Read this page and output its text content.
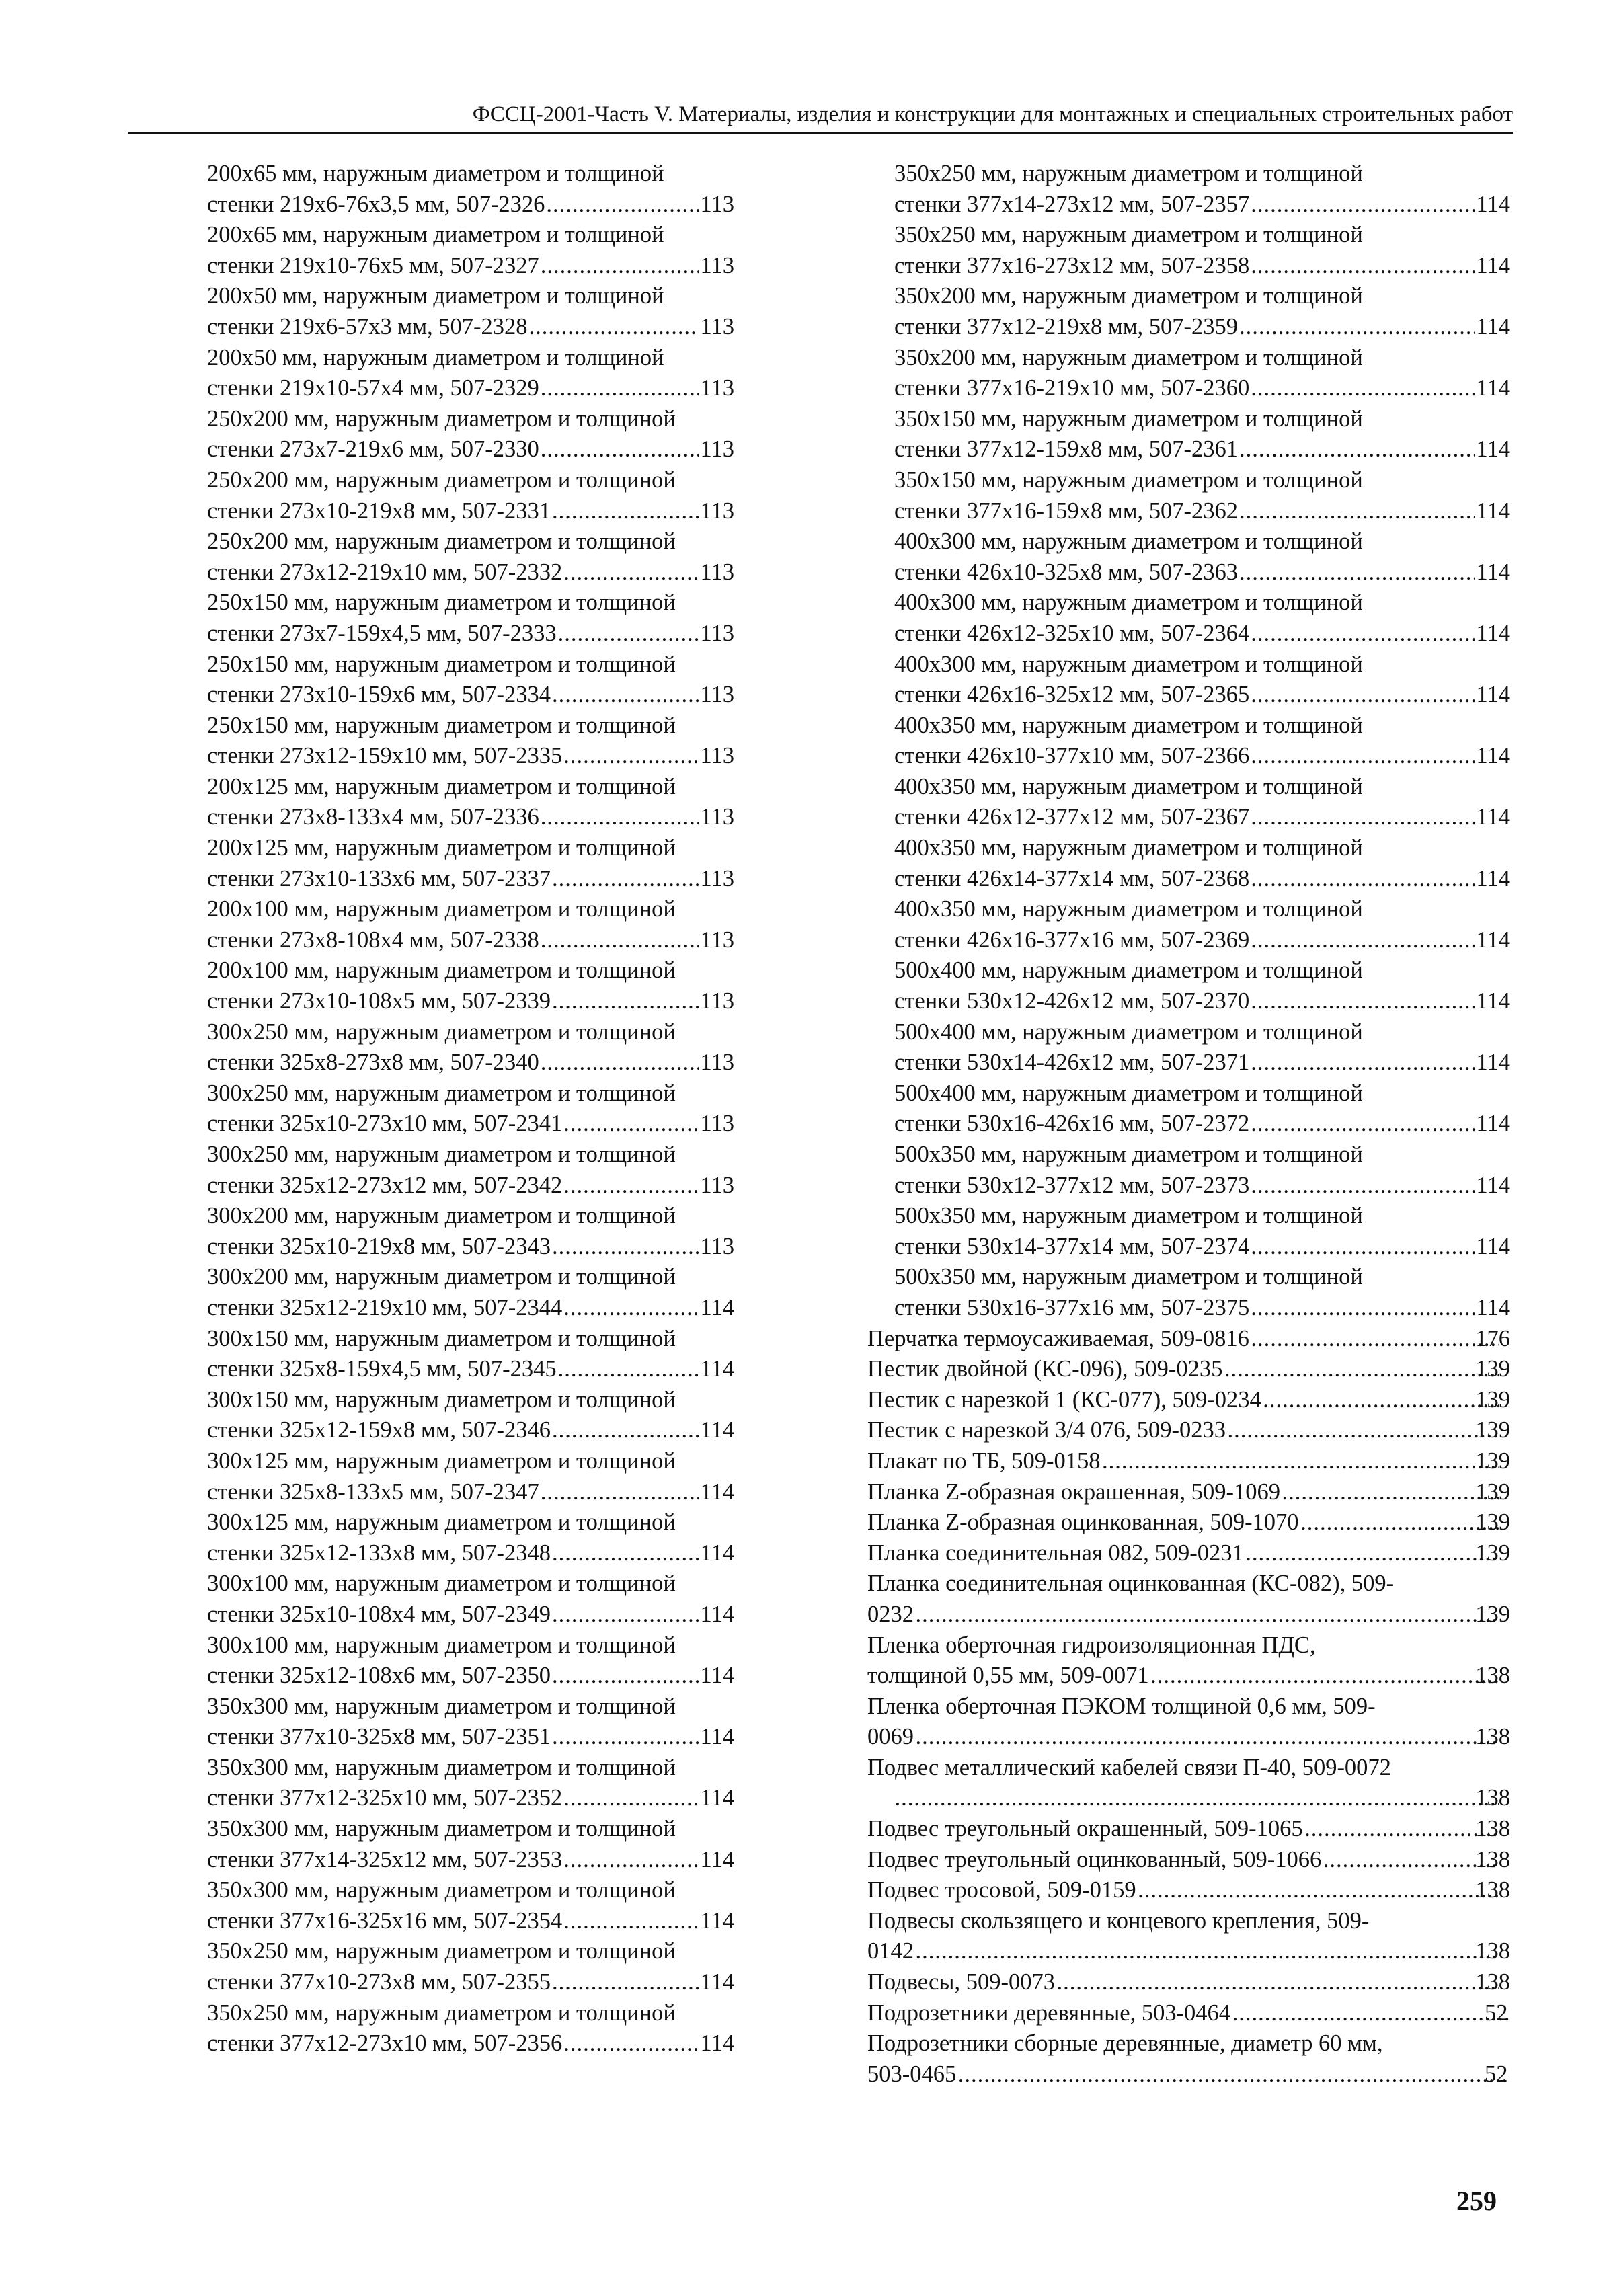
ФССЦ-2001-Часть V. Материалы, изделия и конструкции для монтажных и специальных строительных работ
200x65 мм, наружным диаметром и толщиной
стенки 219x6-76x3,5 мм, 507-2326 .....	113
200x65 мм, наружным диаметром и толщиной
стенки 219x10-76x5 мм, 507-2327 .....	113
200x50 мм, наружным диаметром и толщиной
стенки 219x6-57x3 мм, 507-2328 .....	113
200x50 мм, наружным диаметром и толщиной
стенки 219x10-57x4 мм, 507-2329 .....	113
250x200 мм, наружным диаметром и толщиной
стенки 273x7-219x6 мм, 507-2330 .....	113
250x200 мм, наружным диаметром и толщиной
стенки 273x10-219x8 мм, 507-2331 .....	113
250x200 мм, наружным диаметром и толщиной
стенки 273x12-219x10 мм, 507-2332 .....	113
250x150 мм, наружным диаметром и толщиной
стенки 273x7-159x4,5 мм, 507-2333 .....	113
250x150 мм, наружным диаметром и толщиной
стенки 273x10-159x6 мм, 507-2334 .....	113
250x150 мм, наружным диаметром и толщиной
стенки 273x12-159x10 мм, 507-2335 .....	113
200x125 мм, наружным диаметром и толщиной
стенки 273x8-133x4 мм, 507-2336 .....	113
200x125 мм, наружным диаметром и толщиной
стенки 273x10-133x6 мм, 507-2337 .....	113
200x100 мм, наружным диаметром и толщиной
стенки 273x8-108x4 мм, 507-2338 .....	113
200x100 мм, наружным диаметром и толщиной
стенки 273x10-108x5 мм, 507-2339 .....	113
300x250 мм, наружным диаметром и толщиной
стенки 325x8-273x8 мм, 507-2340 .....	113
300x250 мм, наружным диаметром и толщиной
стенки 325x10-273x10 мм, 507-2341 .....	113
300x250 мм, наружным диаметром и толщиной
стенки 325x12-273x12 мм, 507-2342 .....	113
300x200 мм, наружным диаметром и толщиной
стенки 325x10-219x8 мм, 507-2343 .....	113
300x200 мм, наружным диаметром и толщиной
стенки 325x12-219x10 мм, 507-2344 .....	114
300x150 мм, наружным диаметром и толщиной
стенки 325x8-159x4,5 мм, 507-2345 .....	114
300x150 мм, наружным диаметром и толщиной
стенки 325x12-159x8 мм, 507-2346 .....	114
300x125 мм, наружным диаметром и толщиной
стенки 325x8-133x5 мм, 507-2347 .....	114
300x125 мм, наружным диаметром и толщиной
стенки 325x12-133x8 мм, 507-2348 .....	114
300x100 мм, наружным диаметром и толщиной
стенки 325x10-108x4 мм, 507-2349 .....	114
300x100 мм, наружным диаметром и толщиной
стенки 325x12-108x6 мм, 507-2350 .....	114
350x300 мм, наружным диаметром и толщиной
стенки 377x10-325x8 мм, 507-2351 .....	114
350x300 мм, наружным диаметром и толщиной
стенки 377x12-325x10 мм, 507-2352 .....	114
350x300 мм, наружным диаметром и толщиной
стенки 377x14-325x12 мм, 507-2353 .....	114
350x300 мм, наружным диаметром и толщиной
стенки 377x16-325x16 мм, 507-2354 .....	114
350x250 мм, наружным диаметром и толщиной
стенки 377x10-273x8 мм, 507-2355 .....	114
350x250 мм, наружным диаметром и толщиной
стенки 377x12-273x10 мм, 507-2356 .....	114
350x250 мм, наружным диаметром и толщиной
стенки 377x14-273x12 мм, 507-2357 .....	114
350x250 мм, наружным диаметром и толщиной
стенки 377x16-273x12 мм, 507-2358 .....	114
350x200 мм, наружным диаметром и толщиной
стенки 377x12-219x8 мм, 507-2359 .....	114
350x200 мм, наружным диаметром и толщиной
стенки 377x16-219x10 мм, 507-2360 .....	114
350x150 мм, наружным диаметром и толщиной
стенки 377x12-159x8 мм, 507-2361 .....	114
350x150 мм, наружным диаметром и толщиной
стенки 377x16-159x8 мм, 507-2362 .....	114
400x300 мм, наружным диаметром и толщиной
стенки 426x10-325x8 мм, 507-2363 .....	114
400x300 мм, наружным диаметром и толщиной
стенки 426x12-325x10 мм, 507-2364 .....	114
400x300 мм, наружным диаметром и толщиной
стенки 426x16-325x12 мм, 507-2365 .....	114
400x350 мм, наружным диаметром и толщиной
стенки 426x10-377x10 мм, 507-2366 .....	114
400x350 мм, наружным диаметром и толщиной
стенки 426x12-377x12 мм, 507-2367 .....	114
400x350 мм, наружным диаметром и толщиной
стенки 426x14-377x14 мм, 507-2368 .....	114
400x350 мм, наружным диаметром и толщиной
стенки 426x16-377x16 мм, 507-2369 .....	114
500x400 мм, наружным диаметром и толщиной
стенки 530x12-426x12 мм, 507-2370 .....	114
500x400 мм, наружным диаметром и толщиной
стенки 530x14-426x12 мм, 507-2371 .....	114
500x400 мм, наружным диаметром и толщиной
стенки 530x16-426x16 мм, 507-2372 .....	114
500x350 мм, наружным диаметром и толщиной
стенки 530x12-377x12 мм, 507-2373 .....	114
500x350 мм, наружным диаметром и толщиной
стенки 530x14-377x14 мм, 507-2374 .....	114
500x350 мм, наружным диаметром и толщиной
стенки 530x16-377x16 мм, 507-2375 .....	114
Перчатка термоусаживаемая, 509-0816 .....	176
Пестик двойной (КС-096), 509-0235 .....	139
Пестик с нарезкой 1 (КС-077), 509-0234 .....	139
Пестик с нарезкой 3/4 076, 509-0233 .....	139
Плакат по ТБ, 509-0158 .....	139
Планка Z-образная окрашенная, 509-1069 .....	139
Планка Z-образная оцинкованная, 509-1070 .....	139
Планка соединительная 082, 509-0231 .....	139
Планка соединительная оцинкованная (КС-082), 509-
0232 .....	139
Пленка оберточная гидроизоляционная ПДС,
толщиной 0,55 мм, 509-0071 .....	138
Пленка оберточная ПЭКОМ толщиной 0,6 мм, 509-
0069 .....	138
Подвес металлический кабелей связи П-40, 509-0072
.....
138
Подвес треугольный окрашенный, 509-1065 .....	138
Подвес треугольный оцинкованный, 509-1066 .....	138
Подвес тросовой, 509-0159 .....	138
Подвесы скользящего и концевого крепления, 509-
0142 .....	138
Подвесы, 509-0073 .....	138
Подрозетники деревянные, 503-0464 .....	52
Подрозетники сборные деревянные, диаметр 60 мм,
503-0465 .....	52
259
